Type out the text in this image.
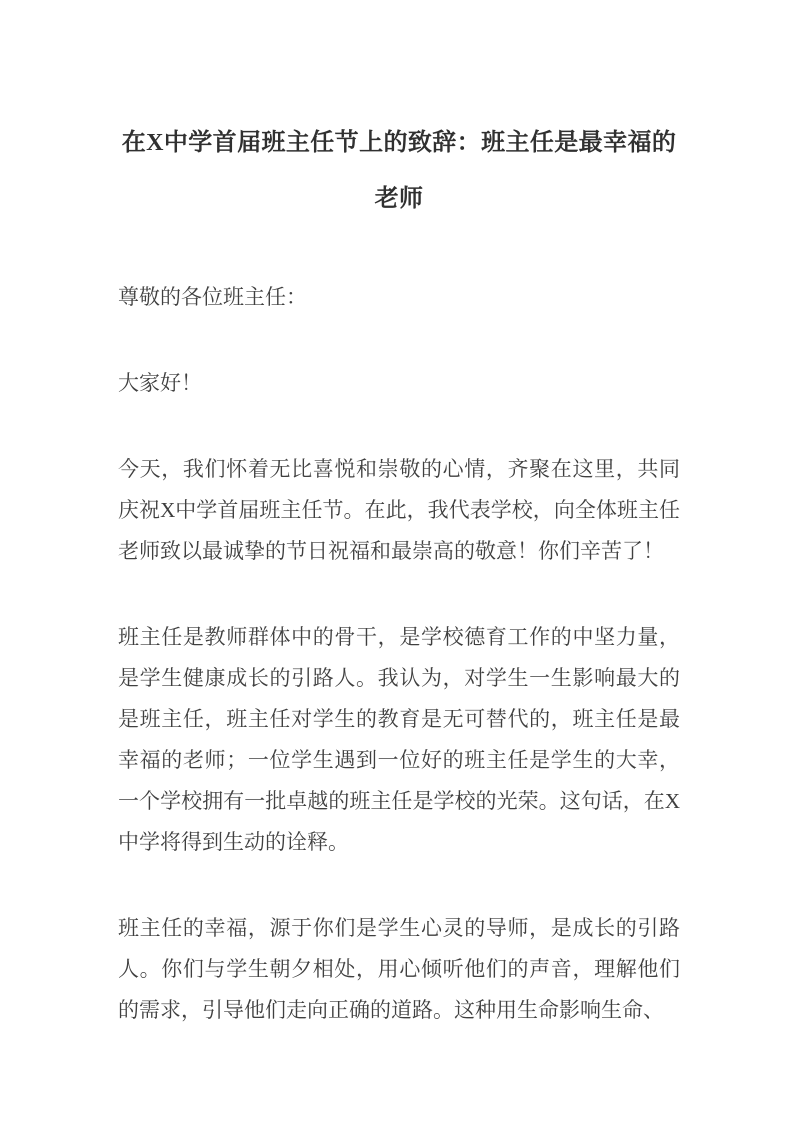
在X中学首届班主任节上的致辞：班主任是最幸福的老师

尊敬的各位班主任：

大家好！

今天，我们怀着无比喜悦和崇敬的心情，齐聚在这里，共同庆祝X中学首届班主任节。在此，我代表学校，向全体班主任老师致以最诚挚的节日祝福和最崇高的敬意！你们辛苦了！

班主任是教师群体中的骨干，是学校德育工作的中坚力量，是学生健康成长的引路人。我认为，对学生一生影响最大的是班主任，班主任对学生的教育是无可替代的，班主任是最幸福的老师；一位学生遇到一位好的班主任是学生的大幸，一个学校拥有一批卓越的班主任是学校的光荣。这句话，在X中学将得到生动的诠释。

班主任的幸福，源于你们是学生心灵的导师，是成长的引路人。你们与学生朝夕相处，用心倾听他们的声音，理解他们的需求，引导他们走向正确的道路。这种用生命影响生命、
